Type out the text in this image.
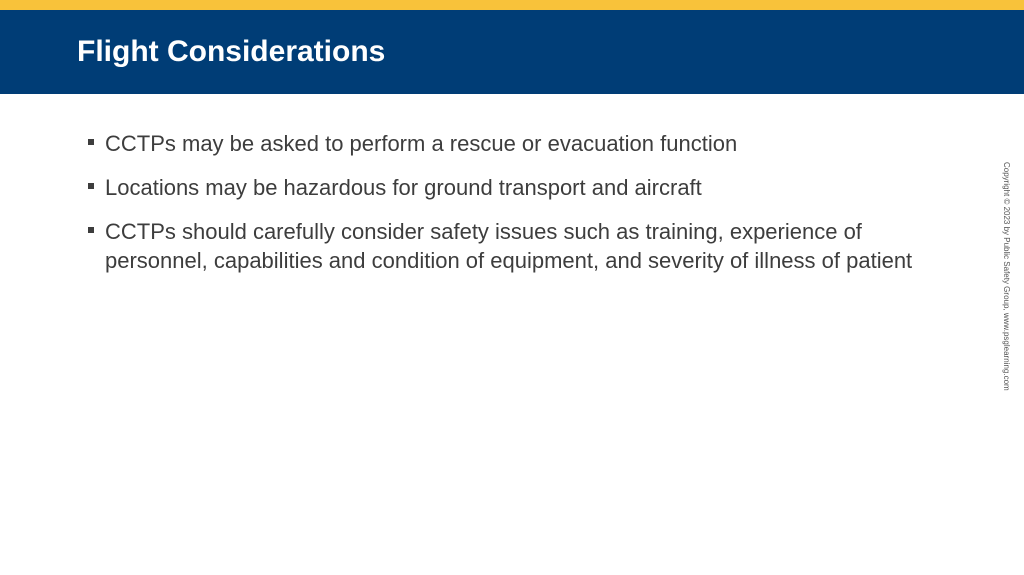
Flight Considerations
CCTPs may be asked to perform a rescue or evacuation function
Locations may be hazardous for ground transport and aircraft
CCTPs should carefully consider safety issues such as training, experience of personnel, capabilities and condition of equipment, and severity of illness of patient	Copyright © 2023 by Public Safety Group, www.psglearning.com
